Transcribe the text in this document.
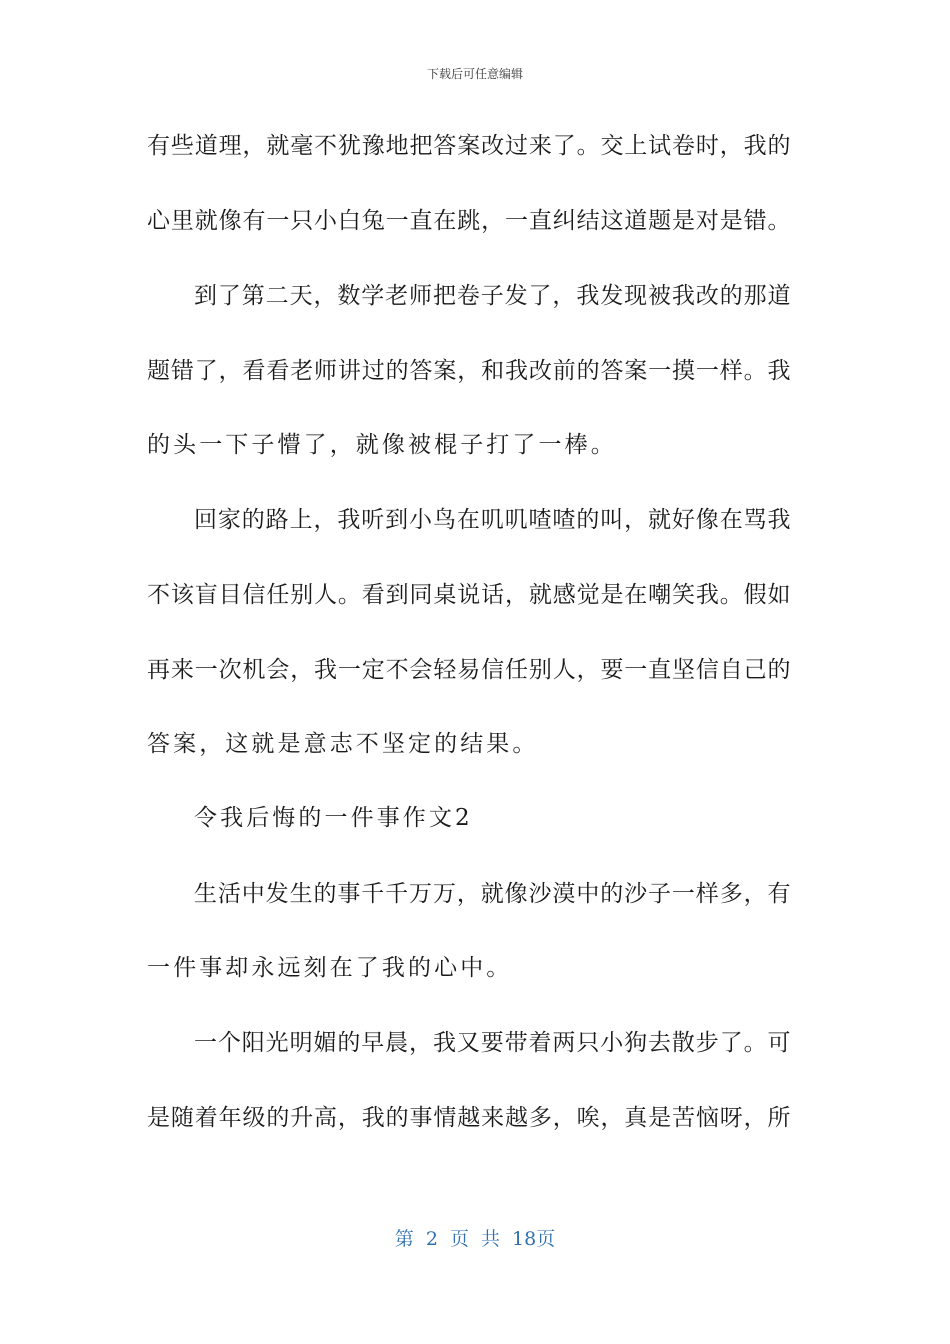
下载后可任意编辑
有些道理，就毫不犹豫地把答案改过来了。交上试卷时，我的
心里就像有一只小白兔一直在跳，一直纠结这道题是对是错。
到了第二天，数学老师把卷子发了，我发现被我改的那道
题错了，看看老师讲过的答案，和我改前的答案一摸一样。我
的头一下子懵了，就像被棍子打了一棒。
回家的路上，我听到小鸟在叽叽喳喳的叫，就好像在骂我
不该盲目信任别人。看到同桌说话，就感觉是在嘲笑我。假如
再来一次机会，我一定不会轻易信任别人，要一直坚信自己的
答案，这就是意志不坚定的结果。
令我后悔的一件事作文2
生活中发生的事千千万万，就像沙漠中的沙子一样多，有
一件事却永远刻在了我的心中。
一个阳光明媚的早晨，我又要带着两只小狗去散步了。可
是随着年级的升高，我的事情越来越多，唉，真是苦恼呀，所
第 2 页 共 18页
